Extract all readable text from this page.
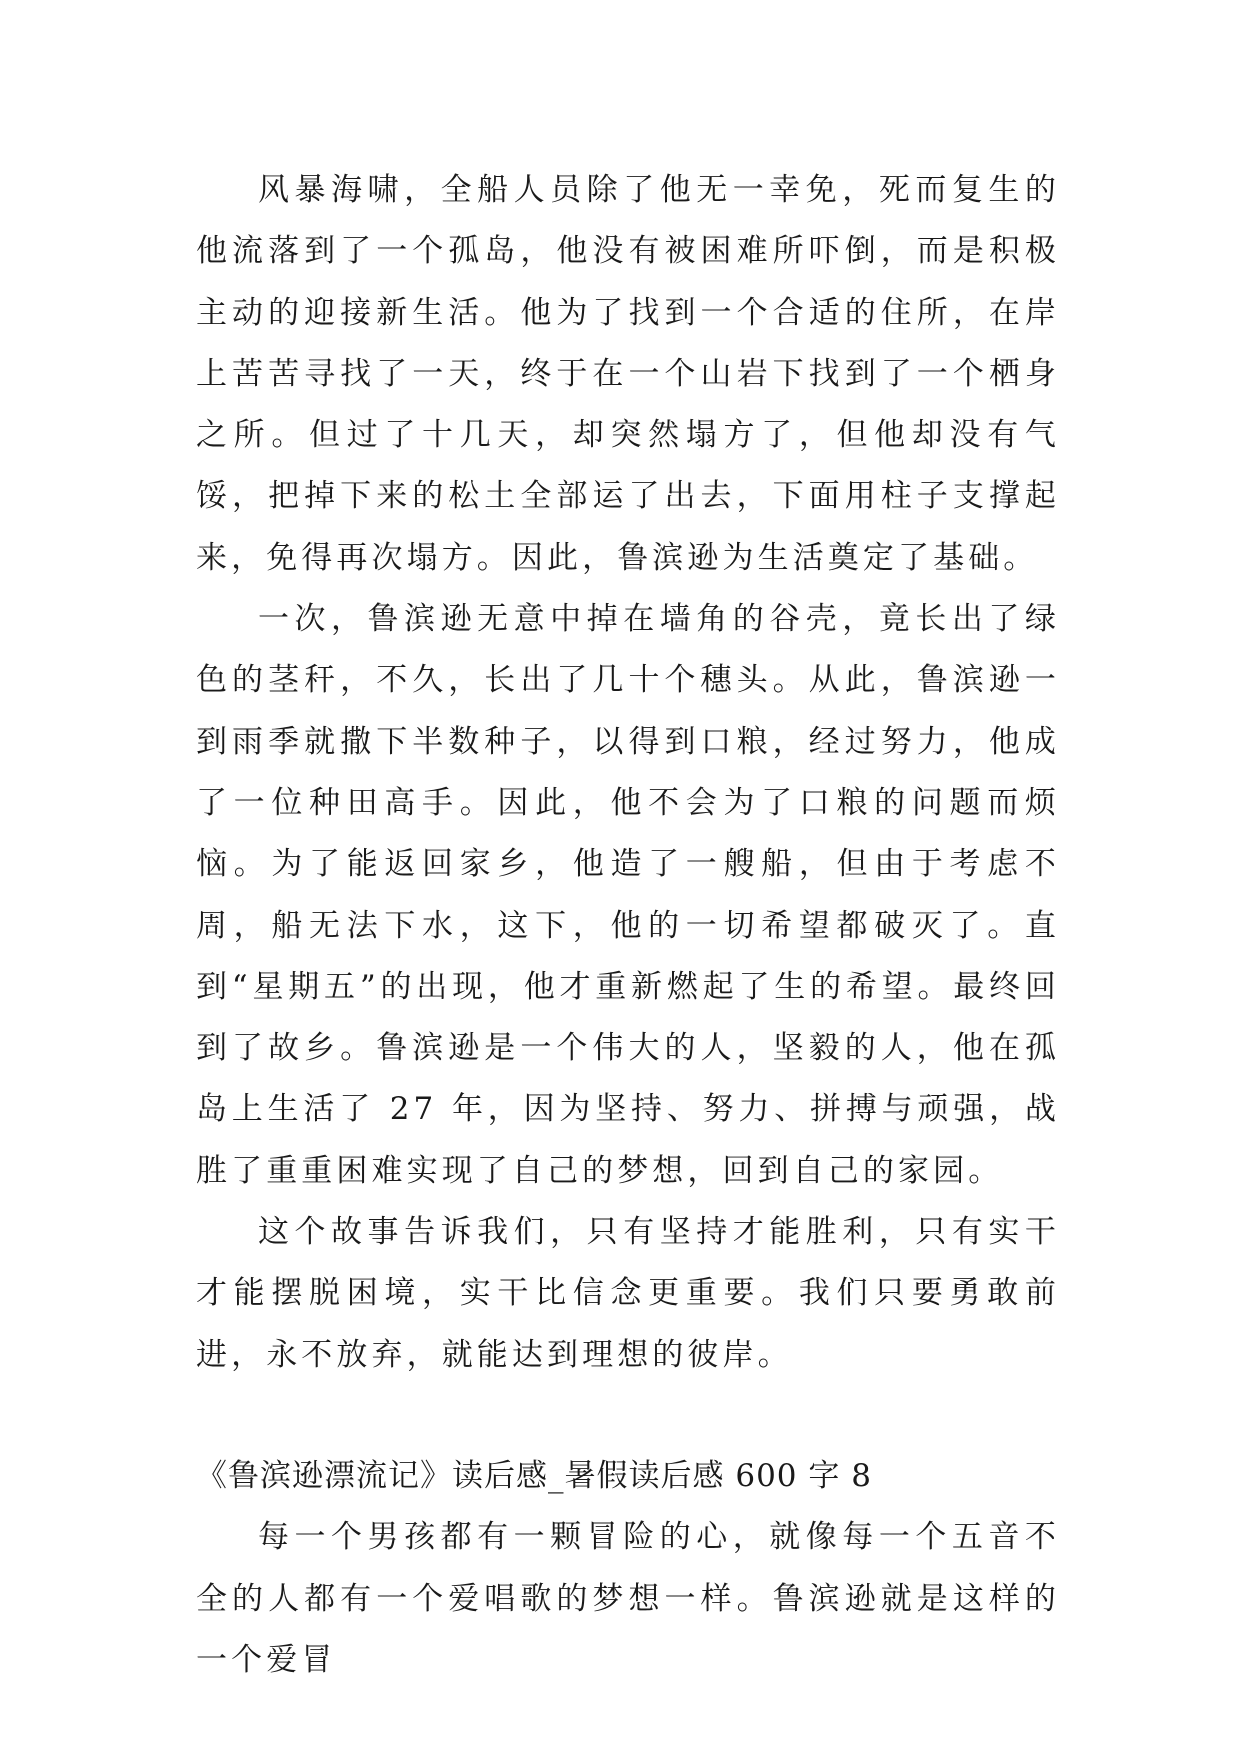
风暴海啸，全船人员除了他无一幸免，死而复生的他流落到了一个孤岛，他没有被困难所吓倒，而是积极主动的迎接新生活。他为了找到一个合适的住所，在岸上苦苦寻找了一天，终于在一个山岩下找到了一个栖身之所。但过了十几天，却突然塌方了，但他却没有气馁，把掉下来的松土全部运了出去，下面用柱子支撑起来，免得再次塌方。因此，鲁滨逊为生活奠定了基础。

一次，鲁滨逊无意中掉在墙角的谷壳，竟长出了绿色的茎秆，不久，长出了几十个穗头。从此，鲁滨逊一到雨季就撒下半数种子，以得到口粮，经过努力，他成了一位种田高手。因此，他不会为了口粮的问题而烦恼。为了能返回家乡，他造了一艘船，但由于考虑不周，船无法下水，这下，他的一切希望都破灭了。直到“星期五”的出现，他才重新燃起了生的希望。最终回到了故乡。鲁滨逊是一个伟大的人，坚毅的人，他在孤岛上生活了 27 年，因为坚持、努力、拼搏与顽强，战胜了重重困难实现了自己的梦想，回到自己的家园。

这个故事告诉我们，只有坚持才能胜利，只有实干才能摆脱困境，实干比信念更重要。我们只要勇敢前进，永不放弃，就能达到理想的彼岸。

《鲁滨逊漂流记》读后感_暑假读后感 600 字 8

每一个男孩都有一颗冒险的心，就像每一个五音不全的人都有一个爱唱歌的梦想一样。鲁滨逊就是这样的一个爱冒
